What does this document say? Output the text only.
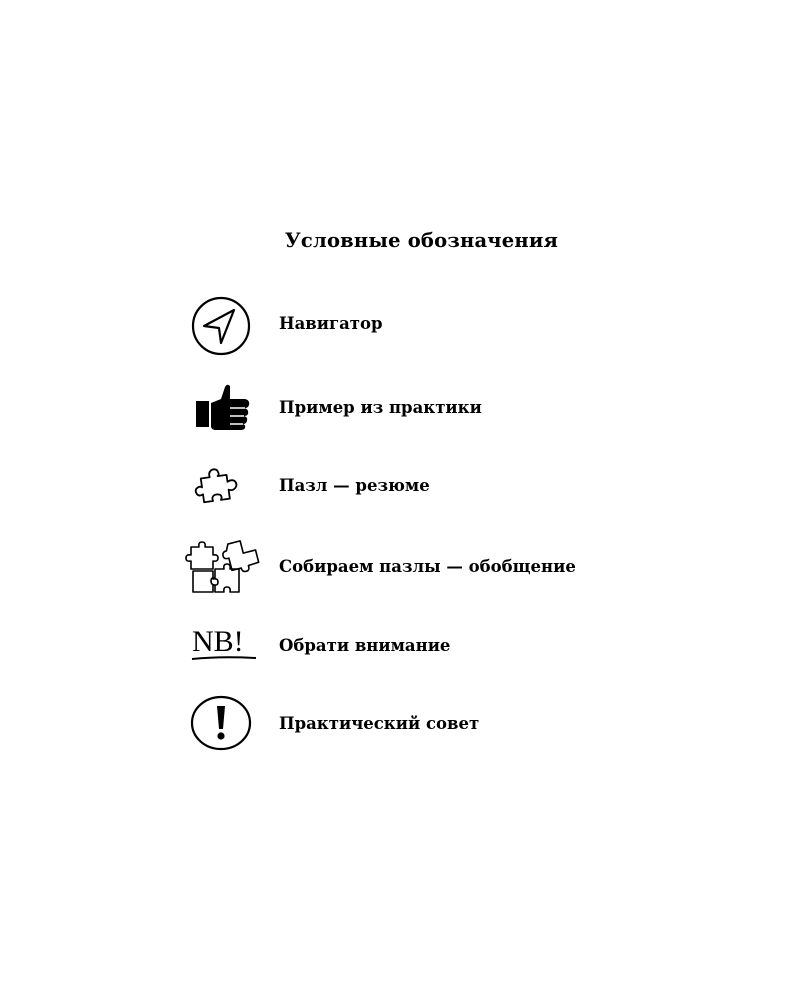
Условные обозначения
Навигатор
Пример из практики
Пазл — резюме
Собираем пазлы — обобщение
NB! Обрати внимание
Практический совет
